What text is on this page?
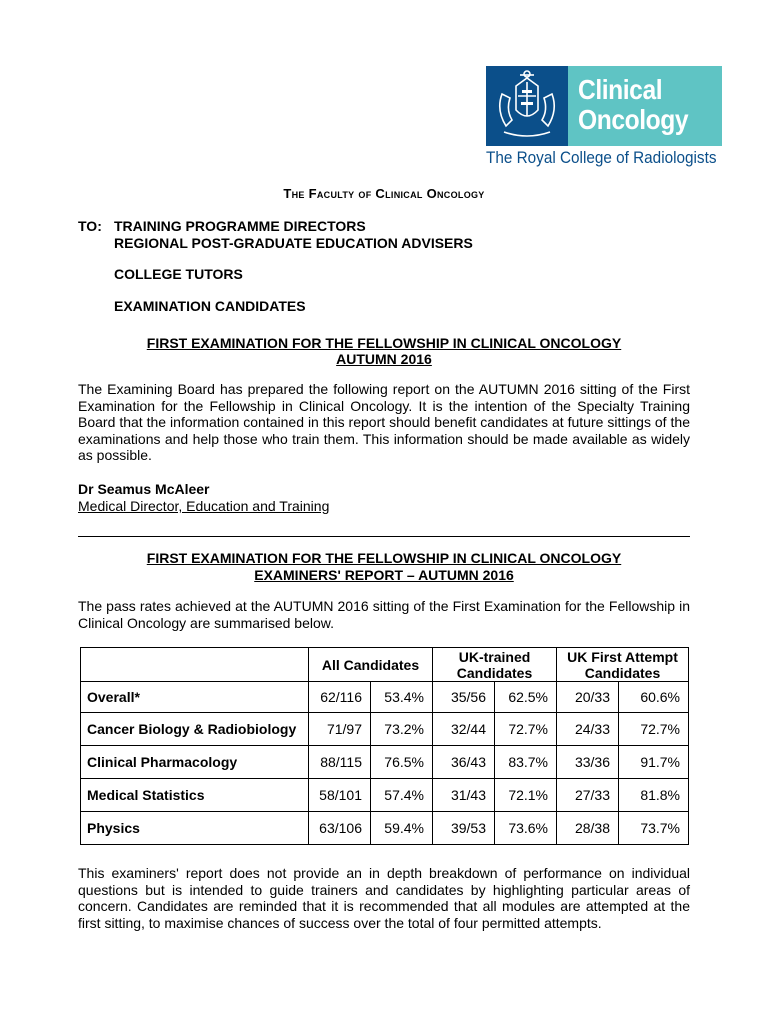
Clinical
Oncology
The Royal College of Radiologists
The Faculty of Clinical Oncology
TO: TRAINING PROGRAMME DIRECTORS
REGIONAL POST-GRADUATE EDUCATION ADVISERS
COLLEGE TUTORS
EXAMINATION CANDIDATES
FIRST EXAMINATION FOR THE FELLOWSHIP IN CLINICAL ONCOLOGY
AUTUMN 2016
The Examining Board has prepared the following report on the AUTUMN 2016 sitting of the First Examination for the Fellowship in Clinical Oncology. It is the intention of the Specialty Training Board that the information contained in this report should benefit candidates at future sittings of the examinations and help those who train them. This information should be made available as widely as possible.
Dr Seamus McAleer
Medical Director, Education and Training
FIRST EXAMINATION FOR THE FELLOWSHIP IN CLINICAL ONCOLOGY
EXAMINERS' REPORT – AUTUMN 2016
The pass rates achieved at the AUTUMN 2016 sitting of the First Examination for the Fellowship in Clinical Oncology are summarised below.
	All Candidates		UK-trained Candidates		UK First Attempt Candidates	
Overall*	62/116	53.4%	35/56	62.5%	20/33	60.6%
Cancer Biology & Radiobiology	71/97	73.2%	32/44	72.7%	24/33	72.7%
Clinical Pharmacology	88/115	76.5%	36/43	83.7%	33/36	91.7%
Medical Statistics	58/101	57.4%	31/43	72.1%	27/33	81.8%
Physics	63/106	59.4%	39/53	73.6%	28/38	73.7%
This examiners' report does not provide an in depth breakdown of performance on individual questions but is intended to guide trainers and candidates by highlighting particular areas of concern. Candidates are reminded that it is recommended that all modules are attempted at the first sitting, to maximise chances of success over the total of four permitted attempts.
